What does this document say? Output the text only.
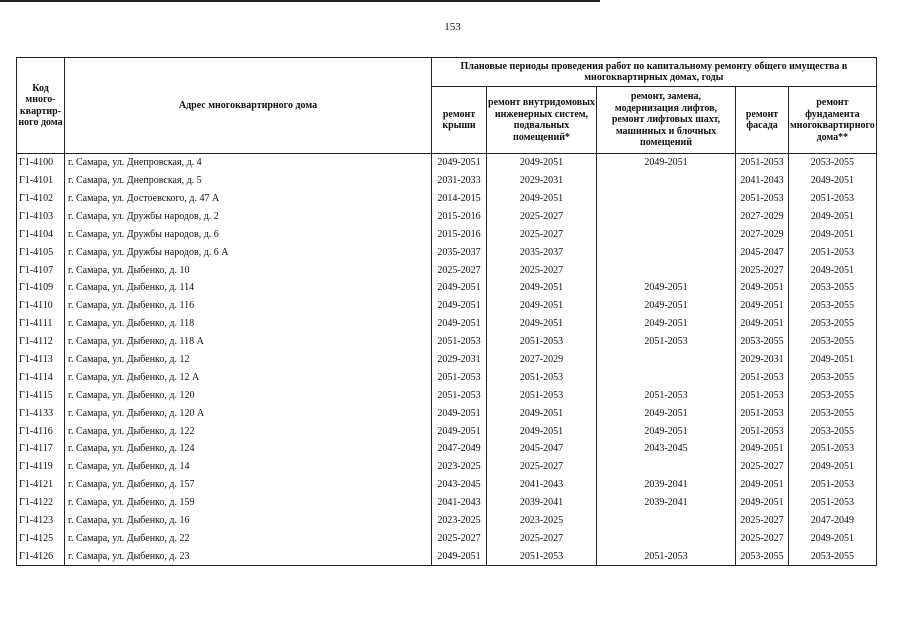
153
Код много-квартир-ного дома	Адрес многоквартирного дома	Плановые периоды проведения работ по капитальному ремонту общего имущества в многоквартирных домах, годы				
		ремонт крыши	ремонт внутридомовых инженерных систем, подвальных помещений*	ремонт, замена, модернизация лифтов, ремонт лифтовых шахт, машинных и блочных помещений	ремонт фасада	ремонт фундамента многоквартирного дома**
Г1-4100	г. Самара, ул. Днепровская, д. 4	2049-2051	2049-2051	2049-2051	2051-2053	2053-2055
Г1-4101	г. Самара, ул. Днепровская, д. 5	2031-2033	2029-2031		2041-2043	2049-2051
Г1-4102	г. Самара, ул. Достоевского, д. 47 А	2014-2015	2049-2051		2051-2053	2051-2053
Г1-4103	г. Самара, ул. Дружбы народов, д. 2	2015-2016	2025-2027		2027-2029	2049-2051
Г1-4104	г. Самара, ул. Дружбы народов, д. 6	2015-2016	2025-2027		2027-2029	2049-2051
Г1-4105	г. Самара, ул. Дружбы народов, д. 6 А	2035-2037	2035-2037		2045-2047	2051-2053
Г1-4107	г. Самара, ул. Дыбенко, д. 10	2025-2027	2025-2027		2025-2027	2049-2051
Г1-4109	г. Самара, ул. Дыбенко, д. 114	2049-2051	2049-2051	2049-2051	2049-2051	2053-2055
Г1-4110	г. Самара, ул. Дыбенко, д. 116	2049-2051	2049-2051	2049-2051	2049-2051	2053-2055
Г1-4111	г. Самара, ул. Дыбенко, д. 118	2049-2051	2049-2051	2049-2051	2049-2051	2053-2055
Г1-4112	г. Самара, ул. Дыбенко, д. 118 А	2051-2053	2051-2053	2051-2053	2053-2055	2053-2055
Г1-4113	г. Самара, ул. Дыбенко, д. 12	2029-2031	2027-2029		2029-2031	2049-2051
Г1-4114	г. Самара, ул. Дыбенко, д. 12 А	2051-2053	2051-2053		2051-2053	2053-2055
Г1-4115	г. Самара, ул. Дыбенко, д. 120	2051-2053	2051-2053	2051-2053	2051-2053	2053-2055
Г1-4133	г. Самара, ул. Дыбенко, д. 120 А	2049-2051	2049-2051	2049-2051	2051-2053	2053-2055
Г1-4116	г. Самара, ул. Дыбенко, д. 122	2049-2051	2049-2051	2049-2051	2051-2053	2053-2055
Г1-4117	г. Самара, ул. Дыбенко, д. 124	2047-2049	2045-2047	2043-2045	2049-2051	2051-2053
Г1-4119	г. Самара, ул. Дыбенко, д. 14	2023-2025	2025-2027		2025-2027	2049-2051
Г1-4121	г. Самара, ул. Дыбенко, д. 157	2043-2045	2041-2043	2039-2041	2049-2051	2051-2053
Г1-4122	г. Самара, ул. Дыбенко, д. 159	2041-2043	2039-2041	2039-2041	2049-2051	2051-2053
Г1-4123	г. Самара, ул. Дыбенко, д. 16	2023-2025	2023-2025		2025-2027	2047-2049
Г1-4125	г. Самара, ул. Дыбенко, д. 22	2025-2027	2025-2027		2025-2027	2049-2051
Г1-4126	г. Самара, ул. Дыбенко, д. 23	2049-2051	2051-2053	2051-2053	2053-2055	2053-2055
